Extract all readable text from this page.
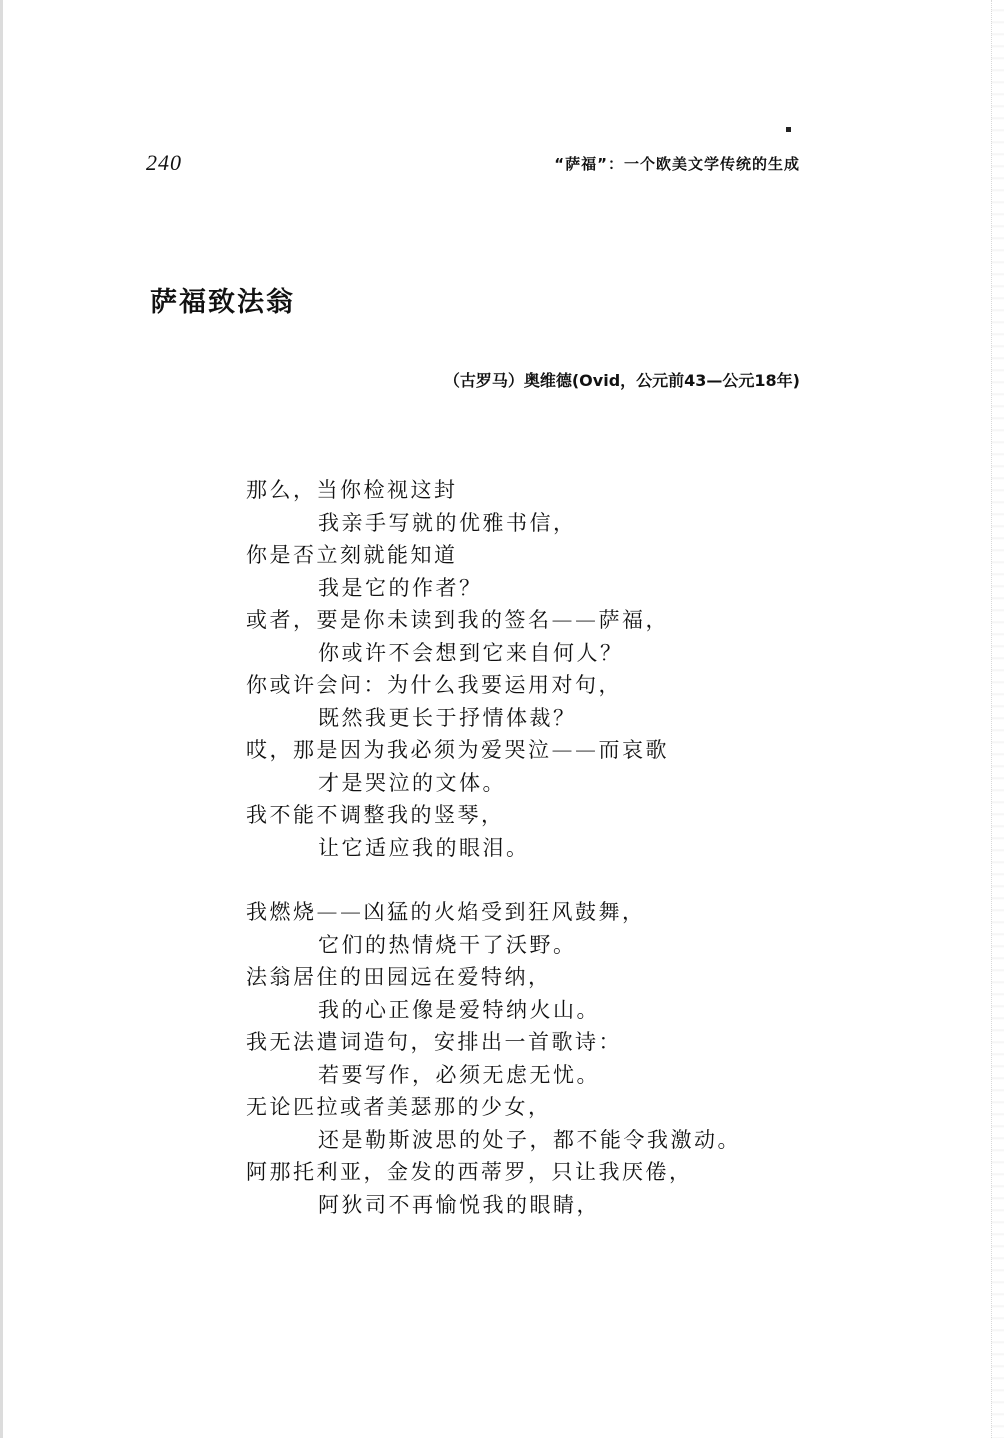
240	“萨福”：一个欧美文学传统的生成
萨福致法翁
（古罗马）奥维德(Ovid，公元前43—公元18年)
那么，当你检视这封
我亲手写就的优雅书信，
你是否立刻就能知道
我是它的作者？
或者，要是你未读到我的签名——萨福，
你或许不会想到它来自何人？
你或许会问：为什么我要运用对句，
既然我更长于抒情体裁？
哎，那是因为我必须为爱哭泣——而哀歌
才是哭泣的文体。
我不能不调整我的竖琴，
让它适应我的眼泪。
我燃烧——凶猛的火焰受到狂风鼓舞，
它们的热情烧干了沃野。
法翁居住的田园远在爱特纳，
我的心正像是爱特纳火山。
我无法遣词造句，安排出一首歌诗：
若要写作，必须无虑无忧。
无论匹拉或者美瑟那的少女，
还是勒斯波思的处子，都不能令我激动。
阿那托利亚，金发的西蒂罗，只让我厌倦，
阿狄司不再愉悦我的眼睛，
